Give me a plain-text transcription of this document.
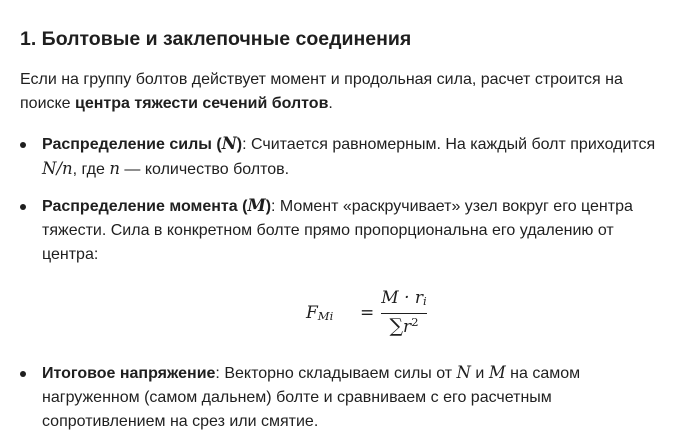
1. Болтовые и заклепочные соединения

Если на группу болтов действует момент и продольная сила, расчет строится на поиске центра тяжести сечений болтов.

Распределение силы (N): Считается равномерным. На каждый болт приходится N/n, где n — количество болтов.
Распределение момента (M): Момент «раскручивает» узел вокруг его центра тяжести. Сила в конкретном болте прямо пропорциональна его удалению от центра:
Итоговое напряжение: Векторно складываем силы от N и M на самом нагруженном (самом дальнем) болте и сравниваем с его расчетным сопротивлением на срез или смятие.
$F_{Mi}$ =
$M \cdot r_i$
$\sum r^2$
